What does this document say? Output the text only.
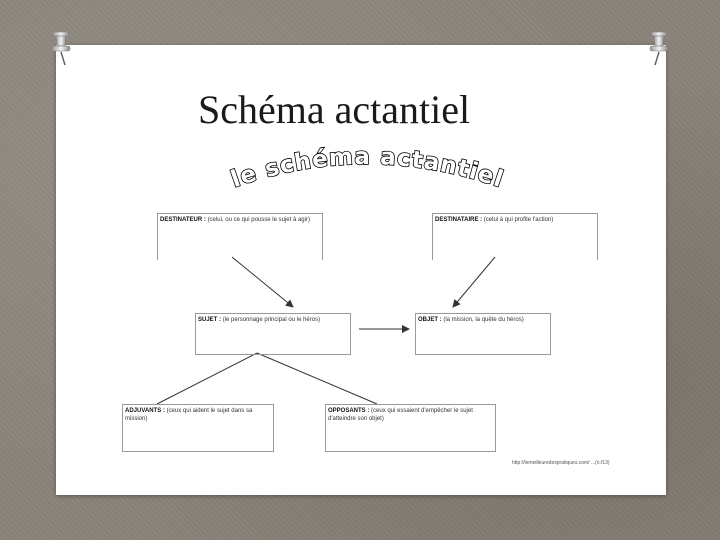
Schéma actantiel
le schéma actantiel
DESTINATEUR : (celui, ou ce qui pousse le sujet à agir)	DESTINATAIRE : (celui à qui profite l'action)
SUJET : (le personnage principal ou le héros)	OBJET : (la mission, la quête du héros)
ADJUVANTS : (ceux qui aident le sujet dans sa mission)
OPPOSANTS : (ceux qui essaient d'empêcher le sujet d'atteindre son objet)
http://lemeilleuredespratiques.com/ ...(o.f13)
